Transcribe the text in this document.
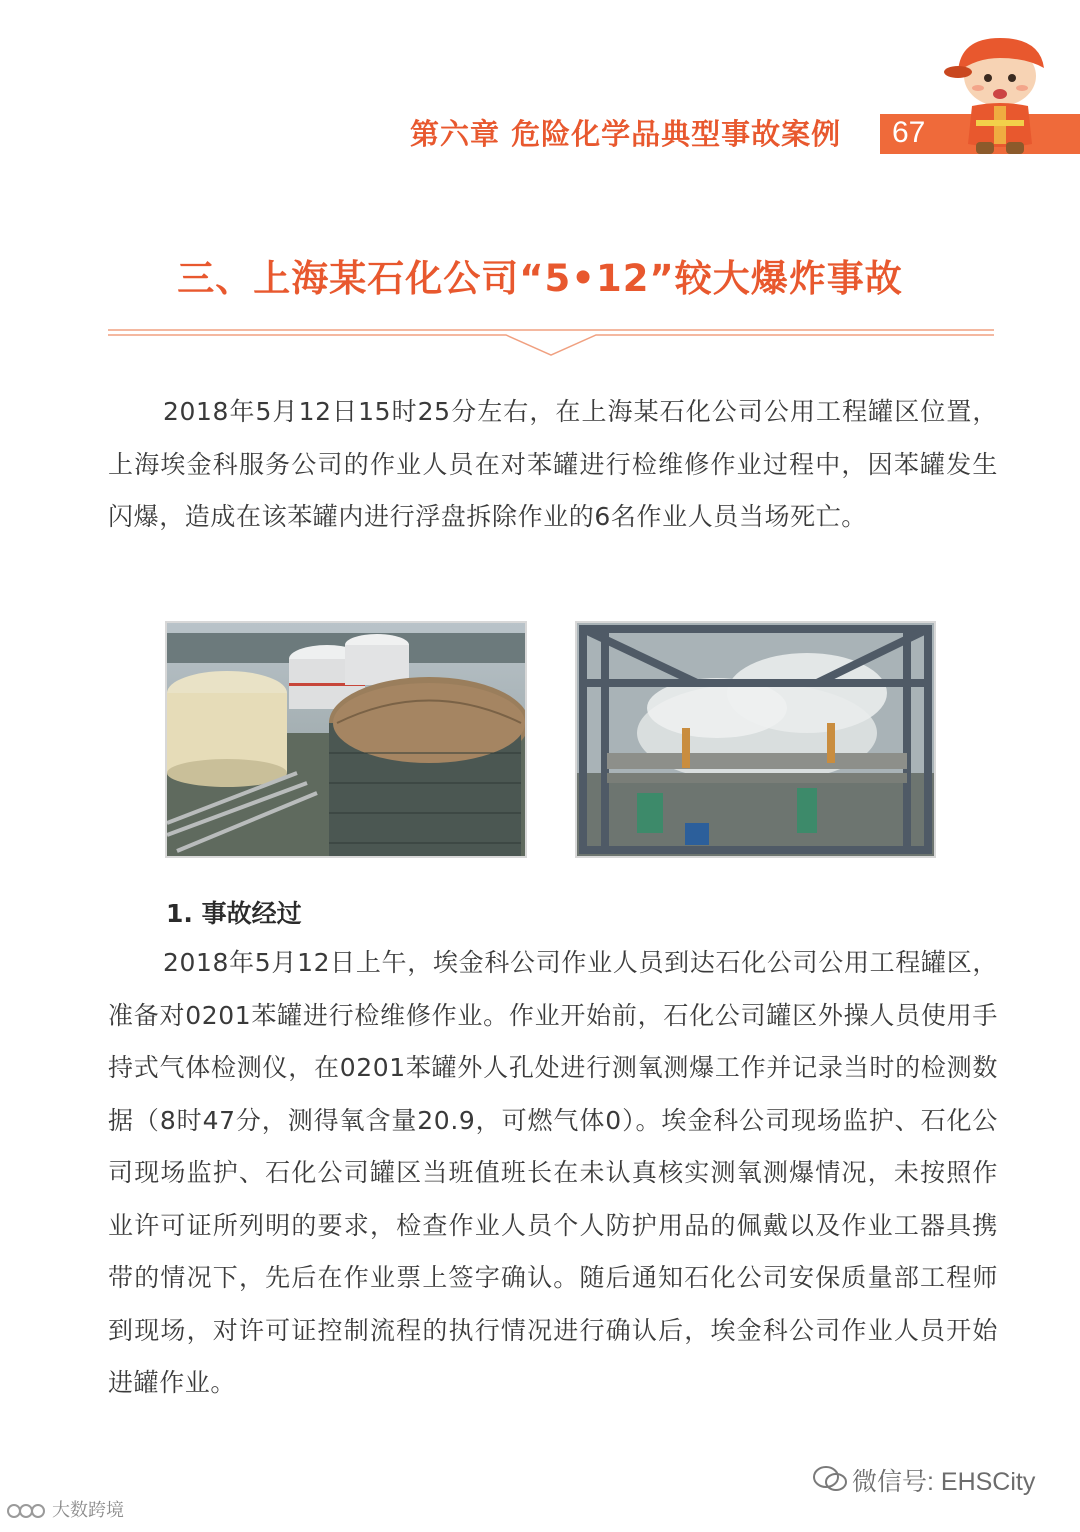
第六章 危险化学品典型事故案例 67
三、上海某石化公司“5•12”较大爆炸事故
2018年5月12日15时25分左右，在上海某石化公司公用工程罐区位置，上海埃金科服务公司的作业人员在对苯罐进行检维修作业过程中，因苯罐发生闪爆，造成在该苯罐内进行浮盘拆除作业的6名作业人员当场死亡。
1. 事故经过
2018年5月12日上午，埃金科公司作业人员到达石化公司公用工程罐区，准备对0201苯罐进行检维修作业。作业开始前，石化公司罐区外操人员使用手持式气体检测仪，在0201苯罐外人孔处进行测氧测爆工作并记录当时的检测数据（8时47分，测得氧含量20.9，可燃气体0）。埃金科公司现场监护、石化公司现场监护、石化公司罐区当班值班长在未认真核实测氧测爆情况，未按照作业许可证所列明的要求，检查作业人员个人防护用品的佩戴以及作业工器具携带的情况下，先后在作业票上签字确认。随后通知石化公司安保质量部工程师到现场，对许可证控制流程的执行情况进行确认后，埃金科公司作业人员开始进罐作业。
微信号: EHSCity
大数跨境
